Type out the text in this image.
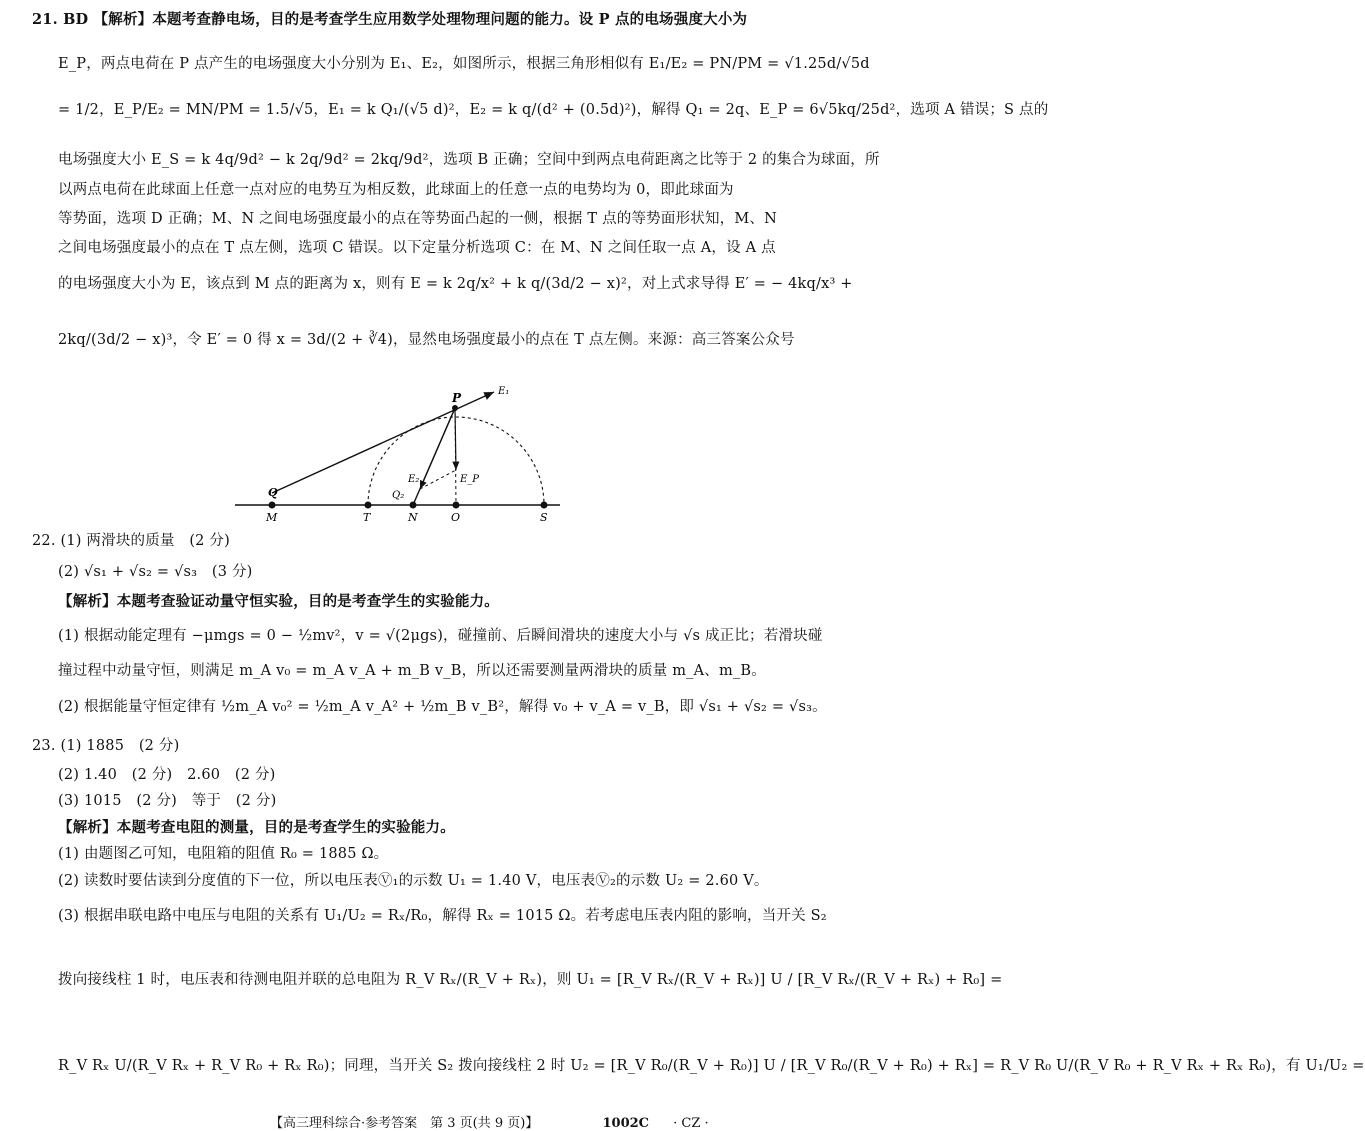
21. BD 【解析】本题考查静电场，目的是考查学生应用数学处理物理问题的能力。设 P 点的电场强度大小为
E_P，两点电荷在 P 点产生的电场强度大小分别为 E₁、E₂，如图所示，根据三角形相似有 E₁/E₂ = PN/PM = √1.25d/√5d
= 1/2，E_P/E₂ = MN/PM = 1.5/√5，E₁ = k Q₁/(√5 d)²，E₂ = k q/(d² + (0.5d)²)，解得 Q₁ = 2q、E_P = 6√5kq/25d²，选项 A 错误；S 点的
电场强度大小 E_S = k 4q/9d² − k 2q/9d² = 2kq/9d²，选项 B 正确；空间中到两点电荷距离之比等于 2 的集合为球面，所
以两点电荷在此球面上任意一点对应的电势互为相反数，此球面上的任意一点的电势均为 0，即此球面为
等势面，选项 D 正确；M、N 之间电场强度最小的点在等势面凸起的一侧，根据 T 点的等势面形状知，M、N
之间电场强度最小的点在 T 点左侧，选项 C 错误。以下定量分析选项 C：在 M、N 之间任取一点 A，设 A 点
的电场强度大小为 E，该点到 M 点的距离为 x，则有 E = k 2q/x² + k q/(3d/2 − x)²，对上式求导得 E′ = − 4kq/x³ +
2kq/(3d/2 − x)³，令 E′ = 0 得 x = 3d/(2 + ∛4)，显然电场强度最小的点在 T 点左侧。来源：高三答案公众号
P	E₁
E₂	E_P
Q	Q₂
T	N	O	S
M
22. (1) 两滑块的质量　(2 分)
(2) √s₁ + √s₂ = √s₃　(3 分)
【解析】本题考查验证动量守恒实验，目的是考查学生的实验能力。
(1) 根据动能定理有 −μmgs = 0 − ½mv²，v = √(2μgs)，碰撞前、后瞬间滑块的速度大小与 √s 成正比；若滑块碰
撞过程中动量守恒，则满足 m_A v₀ = m_A v_A + m_B v_B，所以还需要测量两滑块的质量 m_A、m_B。
(2) 根据能量守恒定律有 ½m_A v₀² = ½m_A v_A² + ½m_B v_B²，解得 v₀ + v_A = v_B，即 √s₁ + √s₂ = √s₃。
23. (1) 1885　(2 分)
(2) 1.40　(2 分)　2.60　(2 分)
(3) 1015　(2 分)　等于　(2 分)
【解析】本题考查电阻的测量，目的是考查学生的实验能力。
(1) 由题图乙可知，电阻箱的阻值 R₀ = 1885 Ω。
(2) 读数时要估读到分度值的下一位，所以电压表Ⓥ₁的示数 U₁ = 1.40 V，电压表Ⓥ₂的示数 U₂ = 2.60 V。
(3) 根据串联电路中电压与电阻的关系有 U₁/U₂ = Rₓ/R₀，解得 Rₓ = 1015 Ω。若考虑电压表内阻的影响，当开关 S₂
拨向接线柱 1 时，电压表和待测电阻并联的总电阻为 R_V Rₓ/(R_V + Rₓ)，则 U₁ = [R_V Rₓ/(R_V + Rₓ)] U / [R_V Rₓ/(R_V + Rₓ) + R₀] =
R_V Rₓ U/(R_V Rₓ + R_V R₀ + Rₓ R₀)；同理，当开关 S₂ 拨向接线柱 2 时 U₂ = [R_V R₀/(R_V + R₀)] U / [R_V R₀/(R_V + R₀) + Rₓ] = R_V R₀ U/(R_V R₀ + R_V Rₓ + Rₓ R₀)，有 U₁/U₂ =
【高三理科综合·参考答案　第 3 页(共 9 页)】	1002C · CZ ·
